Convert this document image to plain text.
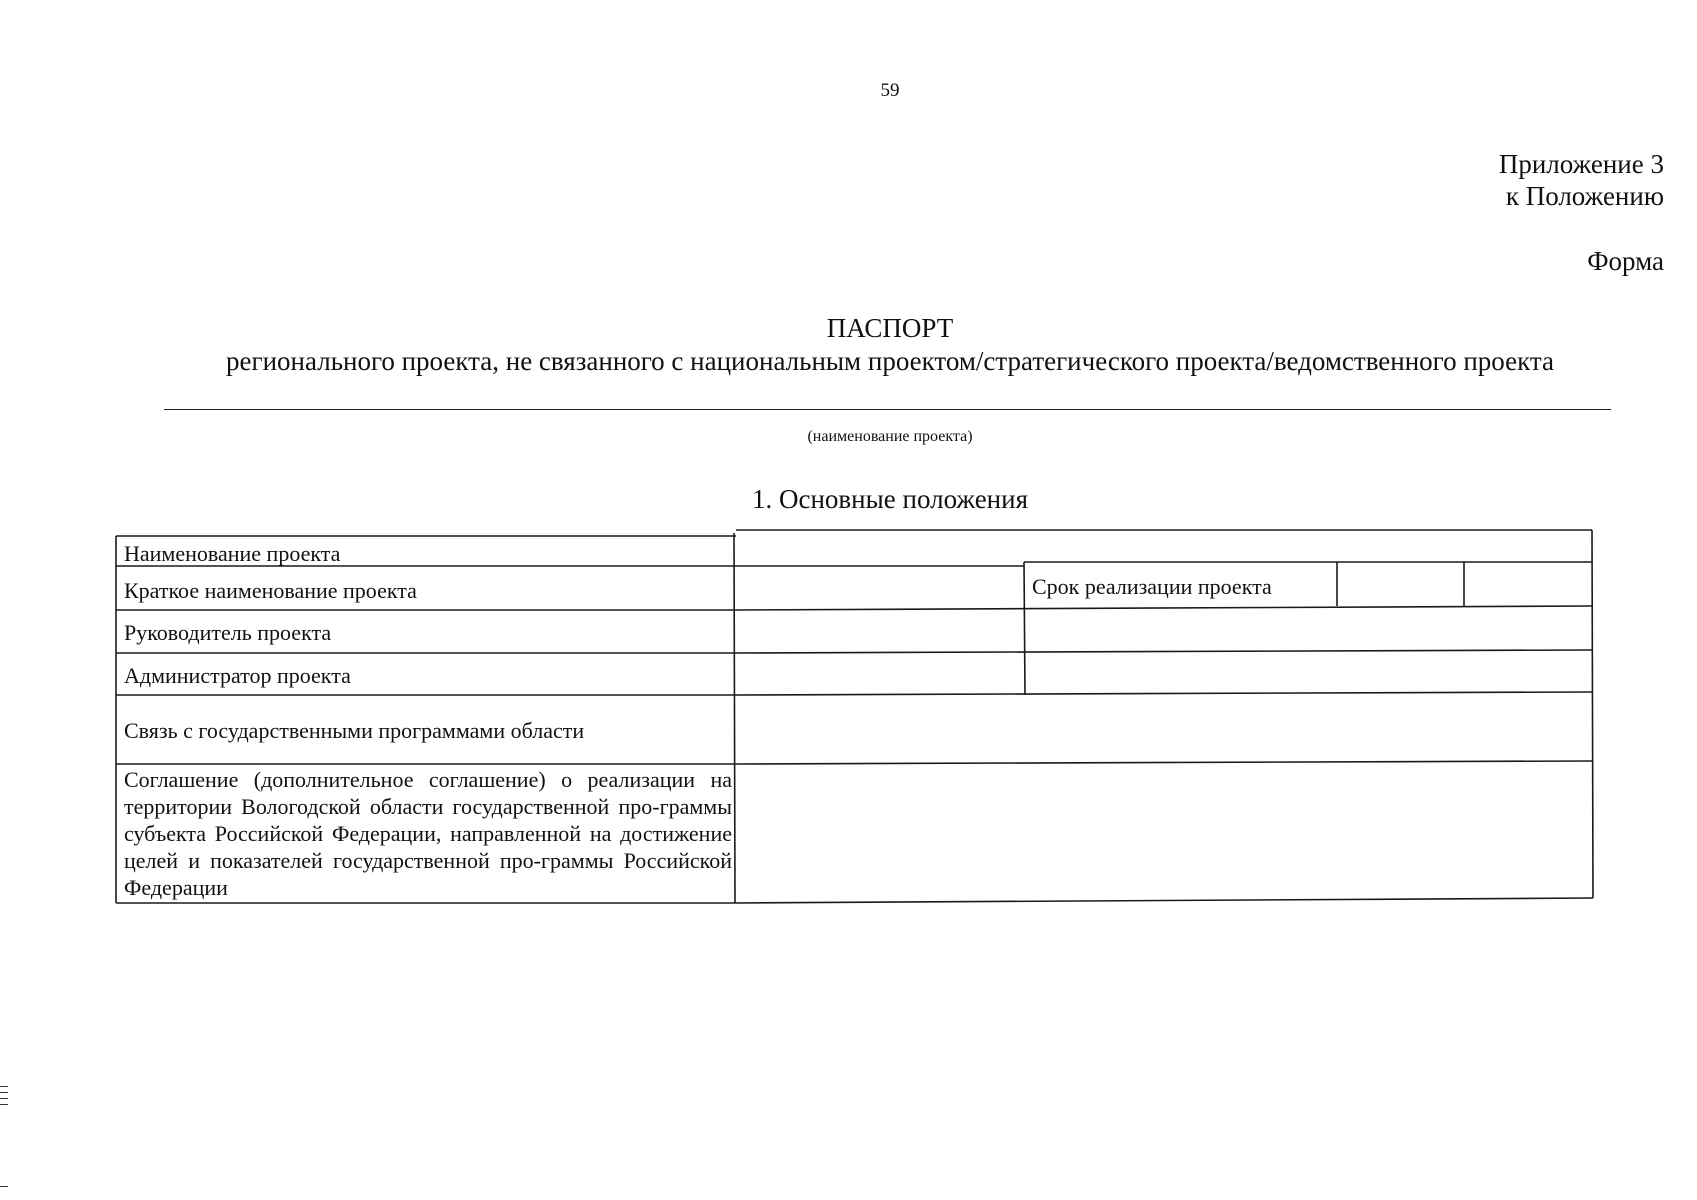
59
Приложение 3
к Положению
Форма
ПАСПОРТ
регионального проекта, не связанного с национальным проектом/стратегического проекта/ведомственного проекта
(наименование проекта)
1. Основные положения
Наименование проекта
Краткое наименование проекта	Срок реализации проекта
Руководитель проекта
Администратор проекта
Связь с государственными программами области
Соглашение (дополнительное соглашение) о реализации на территории Вологодской области государственной про-граммы субъекта Российской Федерации, направленной на достижение целей и показателей государственной про-граммы Российской Федерации
